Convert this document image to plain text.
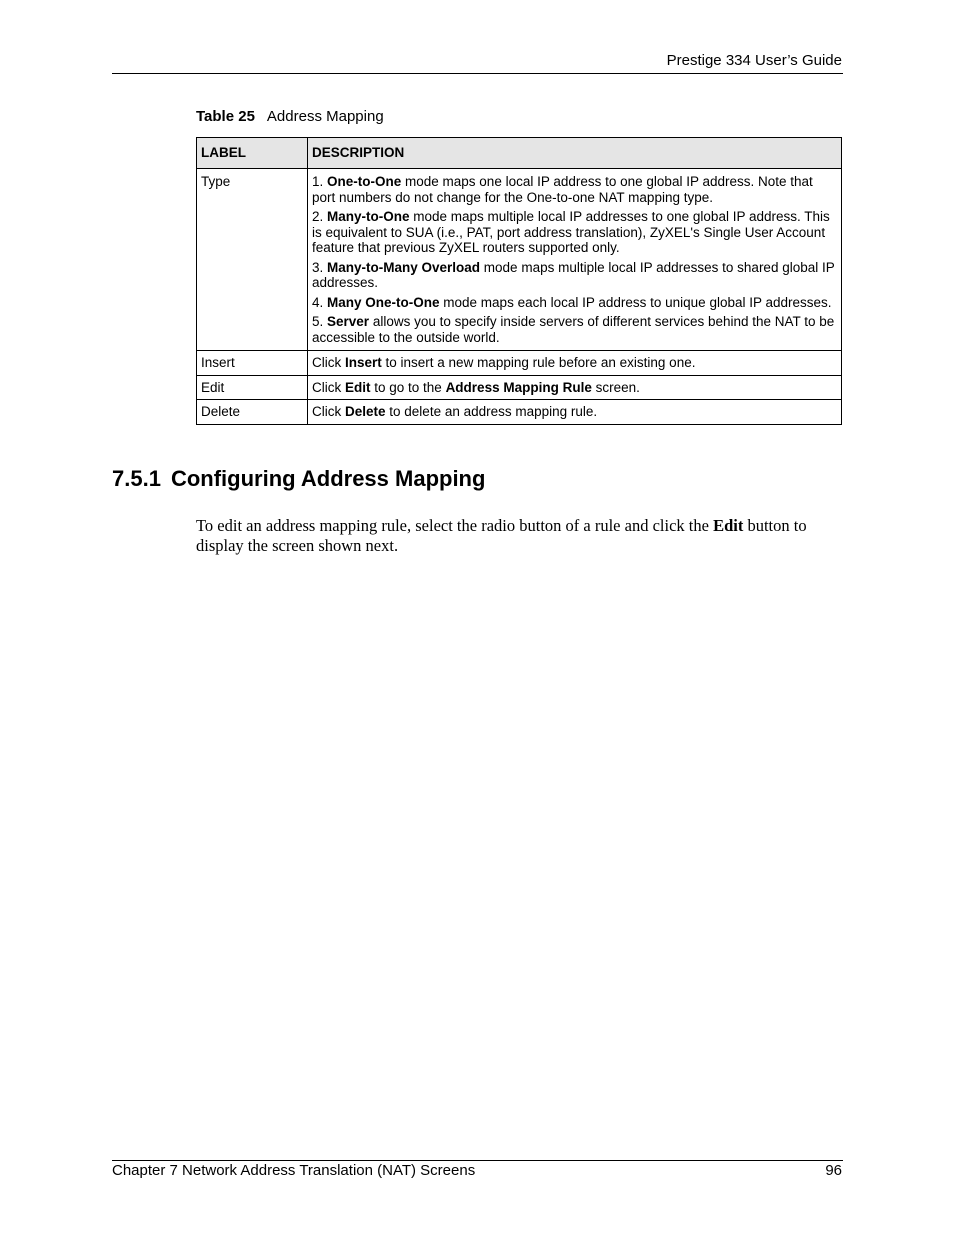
Prestige 334 User’s Guide
Table 25 Address Mapping
LABEL	DESCRIPTION
Type	1. One-to-One mode maps one local IP address to one global IP address. Note that port numbers do not change for the One-to-one NAT mapping type.
2. Many-to-One mode maps multiple local IP addresses to one global IP address. This is equivalent to SUA (i.e., PAT, port address translation), ZyXEL's Single User Account feature that previous ZyXEL routers supported only.
3. Many-to-Many Overload mode maps multiple local IP addresses to shared global IP addresses.
4. Many One-to-One mode maps each local IP address to unique global IP addresses.
5. Server allows you to specify inside servers of different services behind the NAT to be accessible to the outside world.

Insert	Click Insert to insert a new mapping rule before an existing one.
Edit	Click Edit to go to the Address Mapping Rule screen.
Delete	Click Delete to delete an address mapping rule.
7.5.1 Configuring Address Mapping
To edit an address mapping rule, select the radio button of a rule and click the Edit button to display the screen shown next.
Chapter 7 Network Address Translation (NAT) Screens	96
